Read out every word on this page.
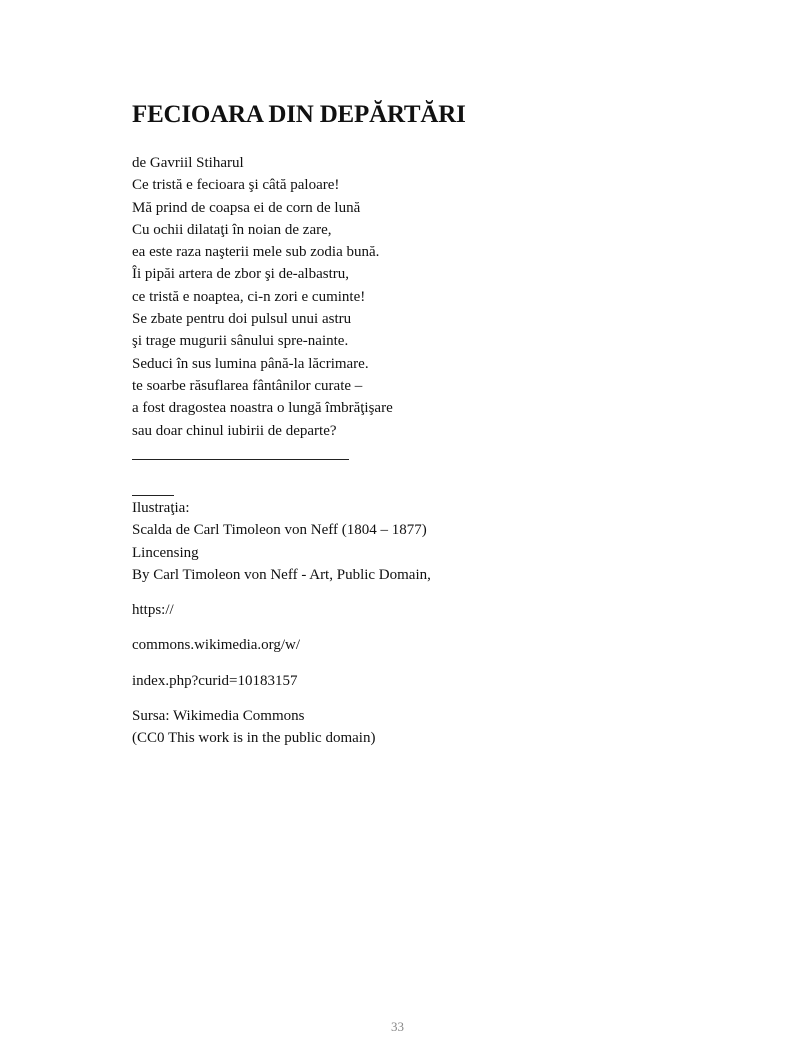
FECIOARA DIN DEPĂRTĂRI
de Gavriil Stiharul
Ce tristă e fecioara şi câtă paloare!
Mă prind de coapsa ei de corn de lună
Cu ochii dilataţi în noian de zare,
ea este raza naşterii mele sub zodia bună.
Îi pipăi artera de zbor şi de-albastru,
ce tristă e noaptea, ci-n zori e cuminte!
Se zbate pentru doi pulsul unui astru
şi trage mugurii sânului spre-nainte.
Seduci în sus lumina până-la lăcrimare.
te soarbe răsuflarea fântânilor curate –
a fost dragostea noastra o lungă îmbrăţişare
sau doar chinul iubirii de departe?
Ilustraţia:
Scalda de Carl Timoleon von Neff (1804 – 1877)
Lincensing
By Carl Timoleon von Neff - Art, Public Domain,
https://
commons.wikimedia.org/w/
index.php?curid=10183157
Sursa: Wikimedia Commons
(CC0 This work is in the public domain)
33
